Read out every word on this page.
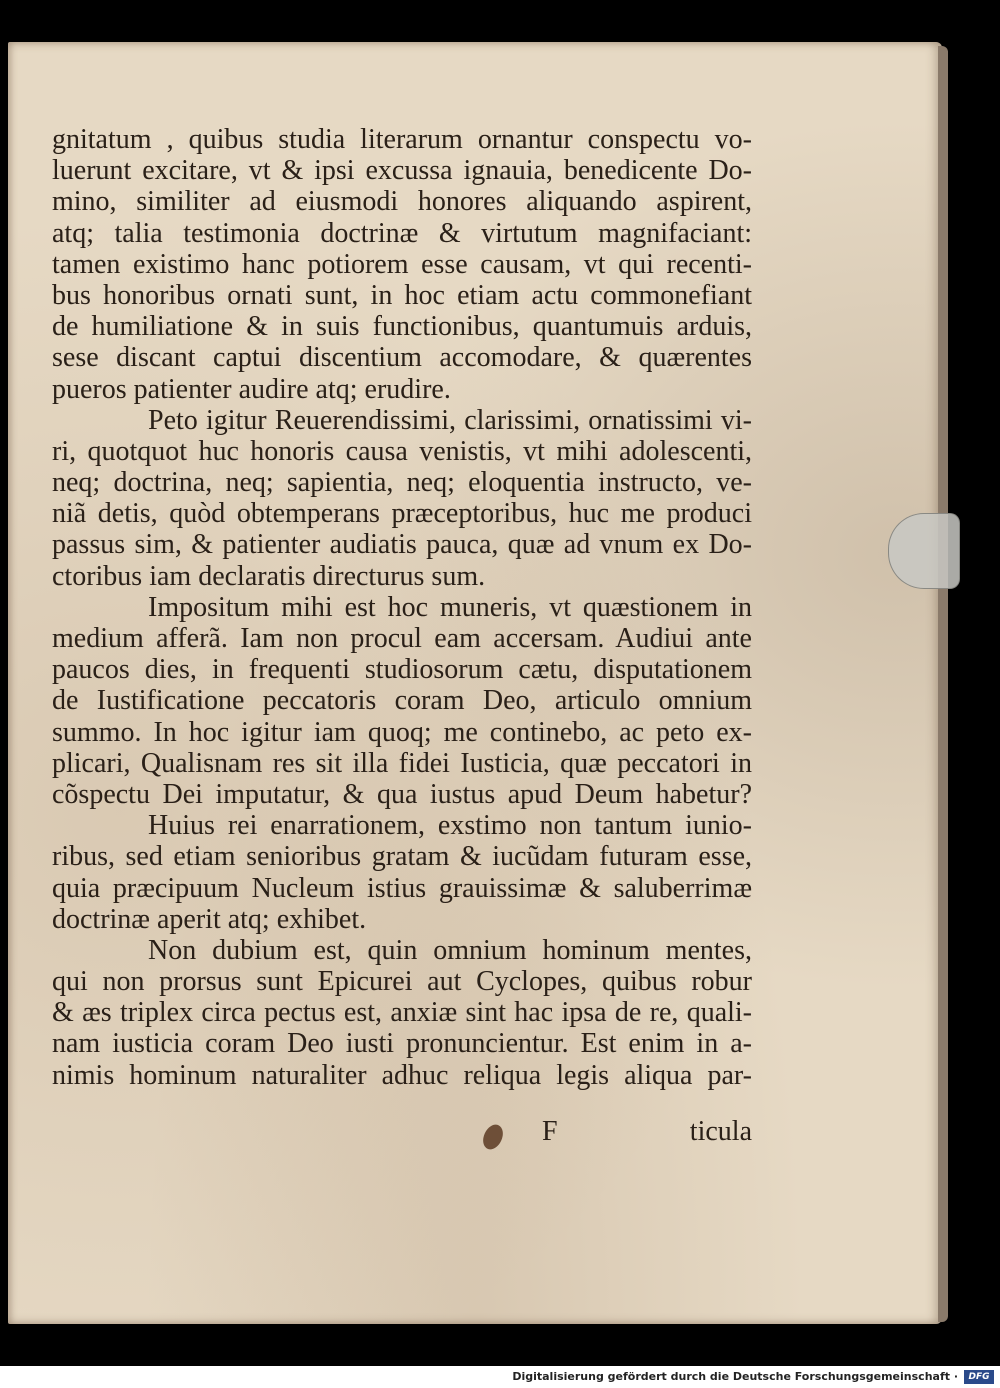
gnitatum , quibus studia literarum ornantur conspectu vo-
luerunt excitare, vt & ipsi excussa ignauia, benedicente Do-
mino, similiter ad eiusmodi honores aliquando aspirent,
atq; talia testimonia doctrinæ & virtutum magnifaciant:
tamen existimo hanc potiorem esse causam, vt qui recenti-
bus honoribus ornati sunt, in hoc etiam actu commonefiant
de humiliatione & in suis functionibus, quantumuis arduis,
sese discant captui discentium accomodare, & quærentes
pueros patienter audire atq; erudire.
Peto igitur Reuerendissimi, clarissimi, ornatissimi vi-
ri, quotquot huc honoris causa venistis, vt mihi adolescenti,
neq; doctrina, neq; sapientia, neq; eloquentia instructo, ve-
niã detis, quòd obtemperans præceptoribus, huc me produci
passus sim, & patienter audiatis pauca, quæ ad vnum ex Do-
ctoribus iam declaratis directurus sum.
Impositum mihi est hoc muneris, vt quæstionem in
medium afferã. Iam non procul eam accersam. Audiui ante
paucos dies, in frequenti studiosorum cætu, disputationem
de Iustificatione peccatoris coram Deo, articulo omnium
summo. In hoc igitur iam quoq; me continebo, ac peto ex-
plicari, Qualisnam res sit illa fidei Iusticia, quæ peccatori in
cõspectu Dei imputatur, & qua iustus apud Deum habetur?
Huius rei enarrationem, exstimo non tantum iunio-
ribus, sed etiam senioribus gratam & iucũdam futuram esse,
quia præcipuum Nucleum istius grauissimæ & saluberrimæ
doctrinæ aperit atq; exhibet.
Non dubium est, quin omnium hominum mentes,
qui non prorsus sunt Epicurei aut Cyclopes, quibus robur
& æs triplex circa pectus est, anxiæ sint hac ipsa de re, quali-
nam iusticia coram Deo iusti pronuncientur. Est enim in a-
nimis hominum naturaliter adhuc reliqua legis aliqua par-
F	ticula
Digitalisierung gefördert durch die Deutsche Forschungsgemeinschaft ·	DFG
